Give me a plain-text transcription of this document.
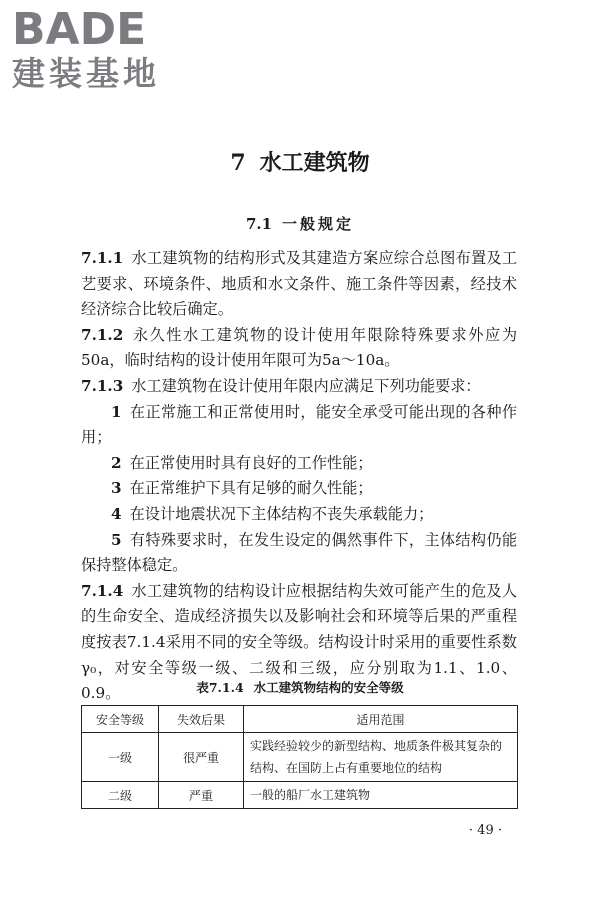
BADE
建装基地
7 水工建筑物
7.1 一般规定

7.1.1 水工建筑物的结构形式及其建造方案应综合总图布置及工艺要求、环境条件、地质和水文条件、施工条件等因素，经技术经济综合比较后确定。

7.1.2 永久性水工建筑物的设计使用年限除特殊要求外应为50a，临时结构的设计使用年限可为5a～10a。

7.1.3 水工建筑物在设计使用年限内应满足下列功能要求：

1 在正常施工和正常使用时，能安全承受可能出现的各种作用；

2 在正常使用时具有良好的工作性能；

3 在正常维护下具有足够的耐久性能；

4 在设计地震状况下主体结构不丧失承载能力；

5 有特殊要求时，在发生设定的偶然事件下，主体结构仍能保持整体稳定。

7.1.4 水工建筑物的结构设计应根据结构失效可能产生的危及人的生命安全、造成经济损失以及影响社会和环境等后果的严重程度按表7.1.4采用不同的安全等级。结构设计时采用的重要性系数γ₀，对安全等级一级、二级和三级，应分别取为1.1、1.0、0.9。	表7.1.4 水工建筑物结构的安全等级
安全等级	失效后果	适用范围
一级	很严重	实践经验较少的新型结构、地质条件极其复杂的结构、在国防上占有重要地位的结构
二级	严重	一般的船厂水工建筑物
· 49 ·
